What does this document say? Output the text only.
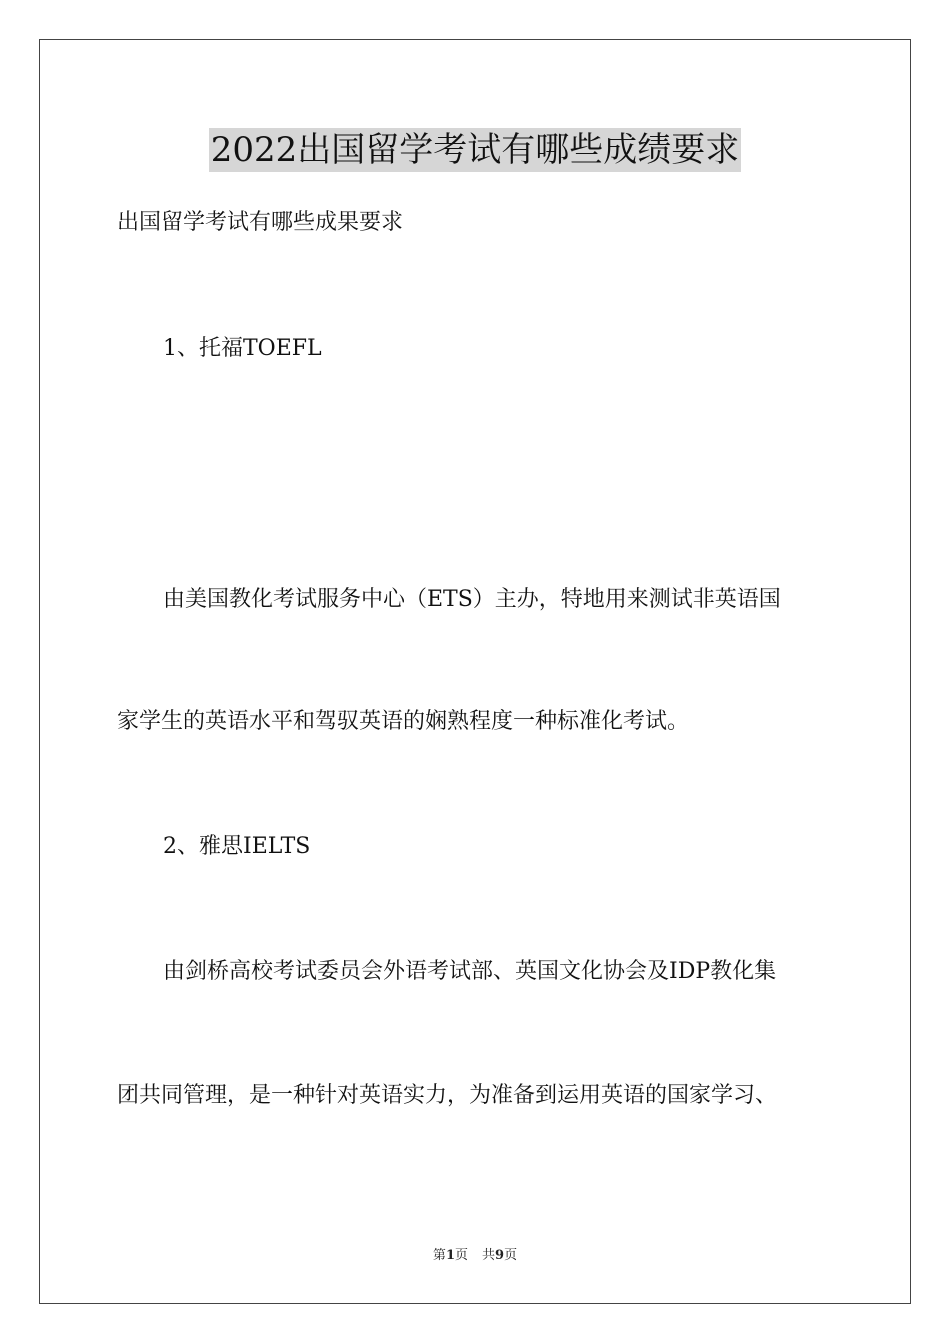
2022出国留学考试有哪些成绩要求

出国留学考试有哪些成果要求

1、托福TOEFL

由美国教化考试服务中心（ETS）主办，特地用来测试非英语国

家学生的英语水平和驾驭英语的娴熟程度一种标准化考试。

2、雅思IELTS

由剑桥高校考试委员会外语考试部、英国文化协会及IDP教化集

团共同管理，是一种针对英语实力，为准备到运用英语的国家学习、

第1页 共9页
